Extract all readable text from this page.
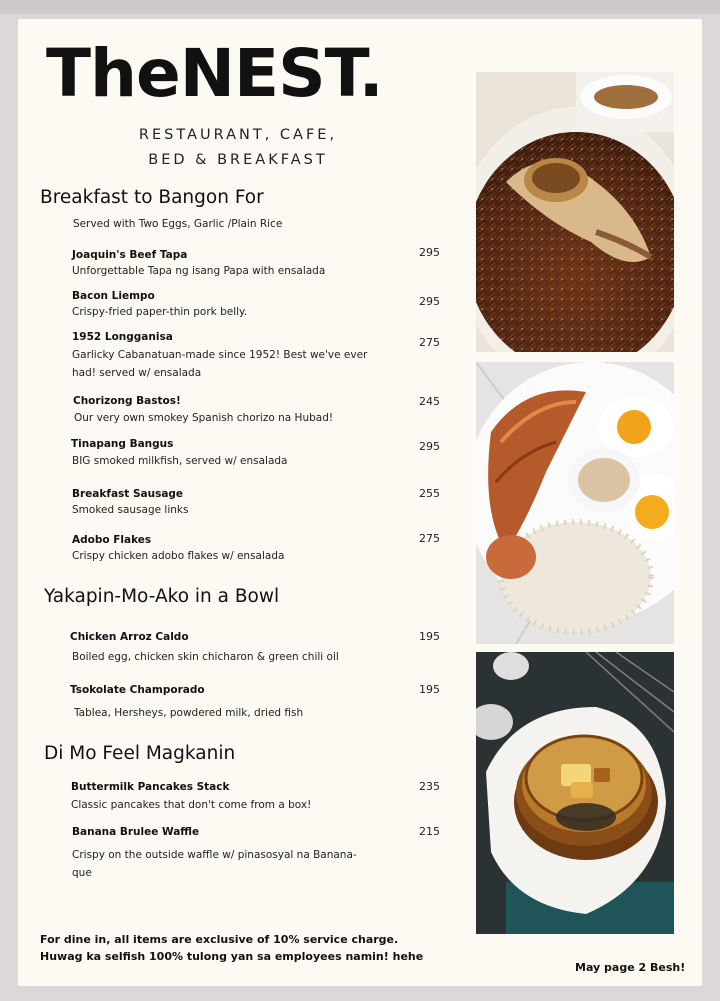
TheNEST.
RESTAURANT, CAFE,
BED & BREAKFAST
Breakfast to Bangon For
Served with Two Eggs, Garlic /Plain Rice
Joaquin's Beef Tapa
Unforgettable Tapa ng isang Papa with ensalada
295
Bacon Liempo
Crispy-fried paper-thin pork belly.
295
1952 Longganisa
Garlicky Cabanatuan-made since 1952! Best we've ever had! served w/ ensalada
275
Chorizong Bastos!
Our very own smokey Spanish chorizo na Hubad!
245
Tinapang Bangus
BIG smoked milkfish, served w/ ensalada
295
Breakfast Sausage
Smoked sausage links
255
Adobo Flakes
Crispy chicken adobo flakes w/ ensalada
275
Yakapin-Mo-Ako in a Bowl
Chicken Arroz Caldo
Boiled egg, chicken skin chicharon & green chili oil
195
Tsokolate Champorado
Tablea, Hersheys, powdered milk, dried fish
195
Di Mo Feel Magkanin
Buttermilk Pancakes Stack
Classic pancakes that don't come from a box!
235
Banana Brulee Waffle
Crispy on the outside waffle w/ pinasosyal na Banana-que
215
For dine in, all items are exclusive of 10% service charge.
Huwag ka selfish 100% tulong yan sa employees namin! hehe
May page 2 Besh!
